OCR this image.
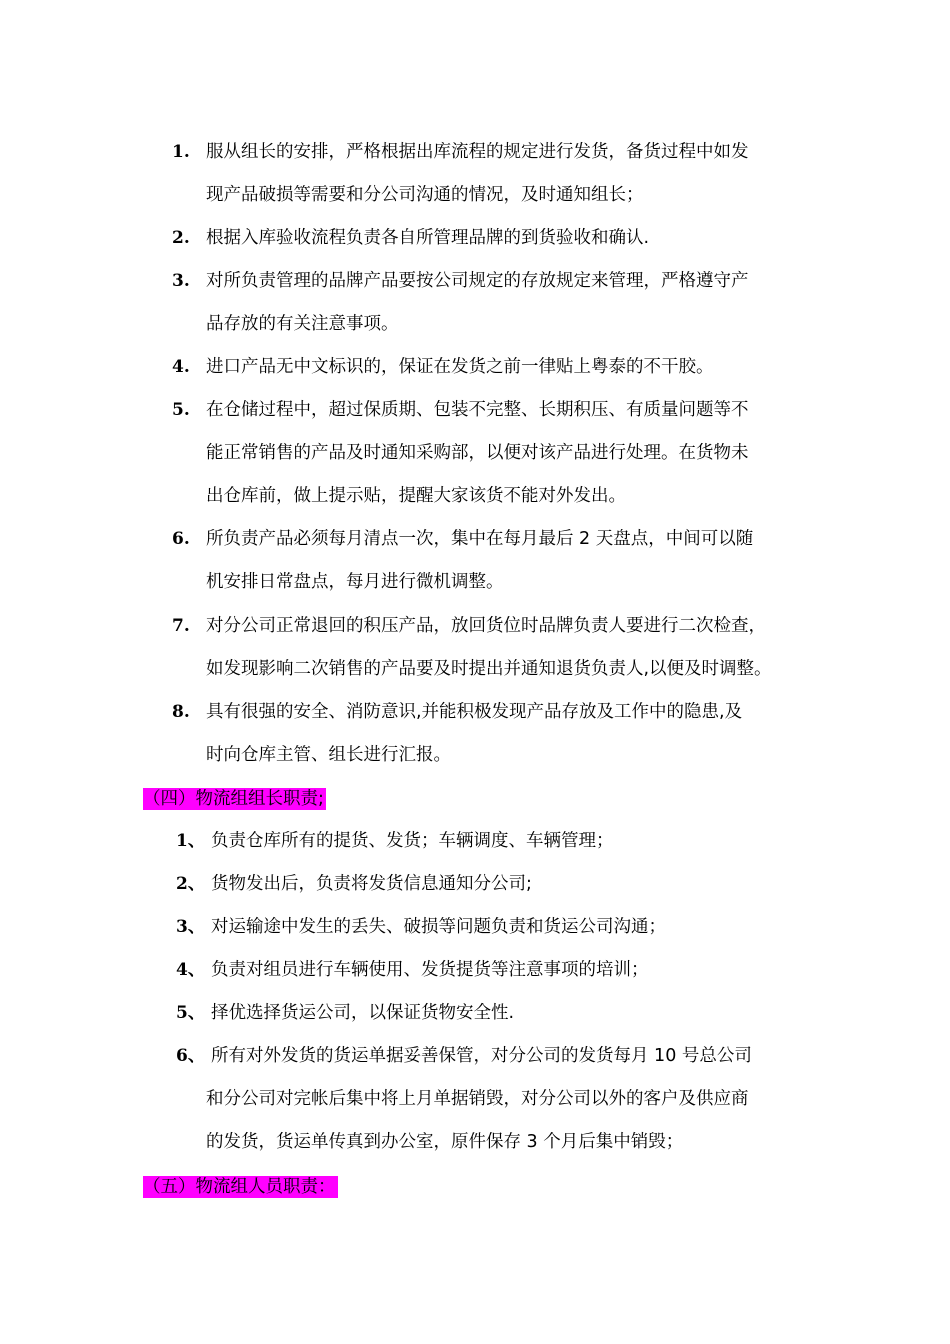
1. 服从组长的安排，严格根据出库流程的规定进行发货，备货过程中如发
现产品破损等需要和分公司沟通的情况，及时通知组长；
2. 根据入库验收流程负责各自所管理品牌的到货验收和确认.
3. 对所负责管理的品牌产品要按公司规定的存放规定来管理，严格遵守产
品存放的有关注意事项。
4. 进口产品无中文标识的，保证在发货之前一律贴上粤泰的不干胶。
5. 在仓储过程中，超过保质期、包装不完整、长期积压、有质量问题等不
能正常销售的产品及时通知采购部，以便对该产品进行处理。在货物未
出仓库前，做上提示贴，提醒大家该货不能对外发出。
6. 所负责产品必须每月清点一次，集中在每月最后 2 天盘点，中间可以随
机安排日常盘点，每月进行微机调整。
7. 对分公司正常退回的积压产品，放回货位时品牌负责人要进行二次检查，
如发现影响二次销售的产品要及时提出并通知退货负责人,以便及时调整。
8. 具有很强的安全、消防意识,并能积极发现产品存放及工作中的隐患,及
时向仓库主管、组长进行汇报。
（四）物流组组长职责;
1、 负责仓库所有的提货、发货；车辆调度、车辆管理；
2、 货物发出后，负责将发货信息通知分公司;
3、 对运输途中发生的丢失、破损等问题负责和货运公司沟通；
4、 负责对组员进行车辆使用、发货提货等注意事项的培训；
5、 择优选择货运公司，以保证货物安全性.
6、 所有对外发货的货运单据妥善保管，对分公司的发货每月 10 号总公司
和分公司对完帐后集中将上月单据销毁，对分公司以外的客户及供应商
的发货，货运单传真到办公室，原件保存 3 个月后集中销毁；
（五）物流组人员职责：
